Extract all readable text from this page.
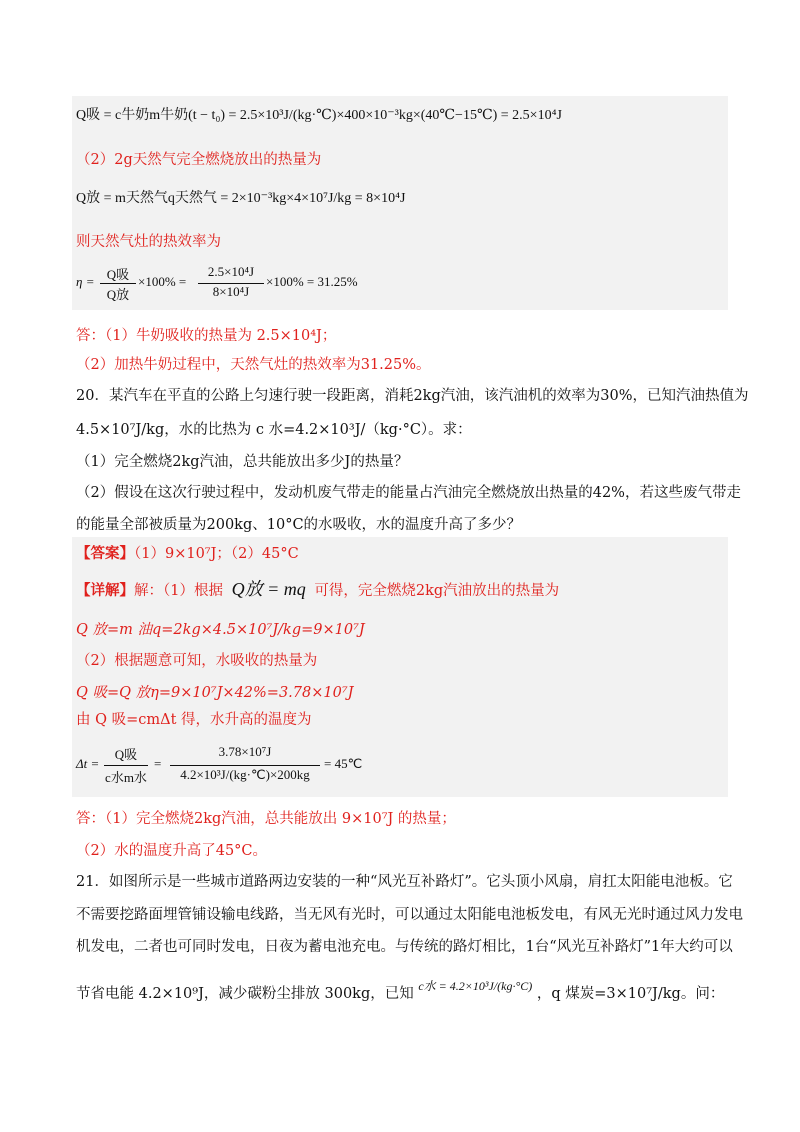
Q吸 = c牛奶m牛奶(t − t₀) = 2.5×10³J/(kg·℃)×400×10⁻³kg×(40℃−15℃) = 2.5×10⁴J
（2）2g天然气完全燃烧放出的热量为
Q放 = m天然气q天然气 = 2×10⁻³kg×4×10⁷J/kg = 8×10⁴J
则天然气灶的热效率为
η = Q吸
Q放
×100% =
2.5×10⁴J
8×10⁴J
×100% = 31.25%
答：（1）牛奶吸收的热量为 2.5×10⁴J；
（2）加热牛奶过程中，天然气灶的热效率为31.25%。
20．某汽车在平直的公路上匀速行驶一段距离，消耗2kg汽油，该汽油机的效率为30%，已知汽油热值为
4.5×10⁷J/kg，水的比热为 c 水=4.2×10³J/（kg·°C）。求：
（1）完全燃烧2kg汽油，总共能放出多少J的热量？
（2）假设在这次行驶过程中，发动机废气带走的能量占汽油完全燃烧放出热量的42%，若这些废气带走
的能量全部被质量为200kg、10°C的水吸收，水的温度升高了多少？
【答案】（1）9×10⁷J；（2）45°C
【详解】解：（1）根据 Q放 = mq 可得，完全燃烧2kg汽油放出的热量为
Q 放=m 油q=2kg×4.5×10⁷J/kg=9×10⁷J
（2）根据题意可知，水吸收的热量为
Q 吸=Q 放η=9×10⁷J×42%=3.78×10⁷J
由 Q 吸=cmΔt 得，水升高的温度为
Δt =
Q吸
c水m水
=
3.78×10⁷J
4.2×10³J/(kg·℃)×200kg
= 45℃
答：（1）完全燃烧2kg汽油，总共能放出 9×10⁷J 的热量；
（2）水的温度升高了45°C。
21．如图所示是一些城市道路两边安装的一种“风光互补路灯”。它头顶小风扇，肩扛太阳能电池板。它
不需要挖路面埋管铺设输电线路，当无风有光时，可以通过太阳能电池板发电，有风无光时通过风力发电
机发电，二者也可同时发电，日夜为蓄电池充电。与传统的路灯相比，1台“风光互补路灯”1年大约可以
节省电能 4.2×10⁹J，减少碳粉尘排放 300kg，已知 $^{c水 = 4.2\times 10^3J/(kg\cdot^\circ C)}$ ，q 煤炭=3×10⁷J/kg。问：
